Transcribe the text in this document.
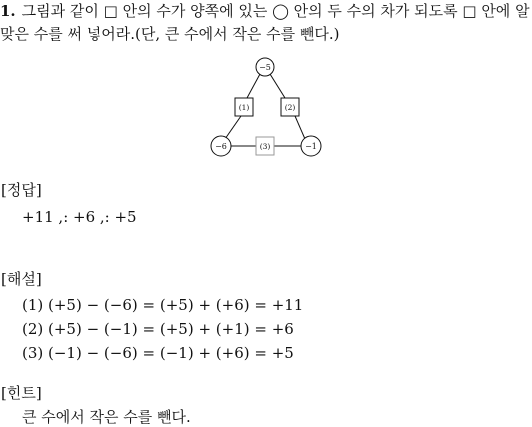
1. 그림과 같이 □ 안의 수가 양쪽에 있는 ◯ 안의 두 수의 차가 되도록 □ 안에 알맞은 수를 써 넣어라.(단, 큰 수에서 작은 수를 뺀다.)
−5
−6	−1
(1)	(2)
(3)
[정답]
+11 ,: +6 ,: +5
[해설]
(1) (+5) − (−6) = (+5) + (+6) = +11
(2) (+5) − (−1) = (+5) + (+1) = +6
(3) (−1) − (−6) = (−1) + (+6) = +5
[힌트]
큰 수에서 작은 수를 뺀다.
